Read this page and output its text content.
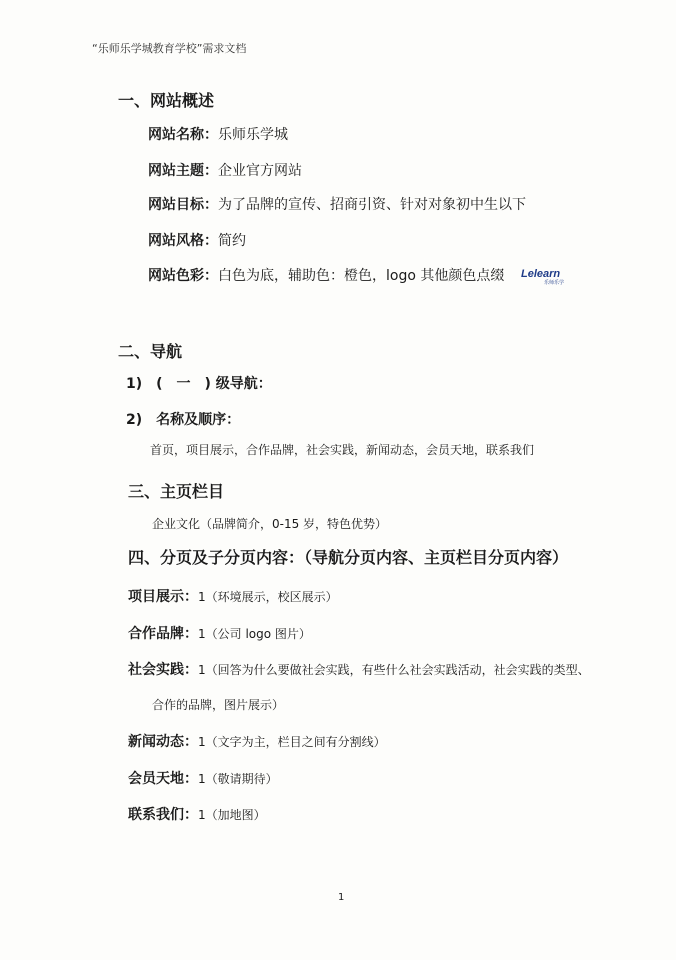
“乐师乐学城教育学校”需求文档
一、网站概述
网站名称：乐师乐学城
网站主题：企业官方网站
网站目标：为了品牌的宣传、招商引资、针对对象初中生以下
网站风格：简约
网站色彩：白色为底，辅助色：橙色，logo 其他颜色点缀 Lelearn
乐师乐学
二、导航
1)　(　一　) 级导航：
2)　名称及顺序：
首页，项目展示，合作品牌，社会实践，新闻动态，会员天地，联系我们
三、主页栏目
企业文化（品牌简介，0-15 岁，特色优势）
四、分页及子分页内容：（导航分页内容、主页栏目分页内容）
项目展示：1（环境展示，校区展示）
合作品牌：1（公司 logo 图片）
社会实践：1（回答为什么要做社会实践，有些什么社会实践活动，社会实践的类型、
合作的品牌，图片展示）
新闻动态：1（文字为主，栏目之间有分割线）
会员天地：1（敬请期待）
联系我们：1（加地图）
1
